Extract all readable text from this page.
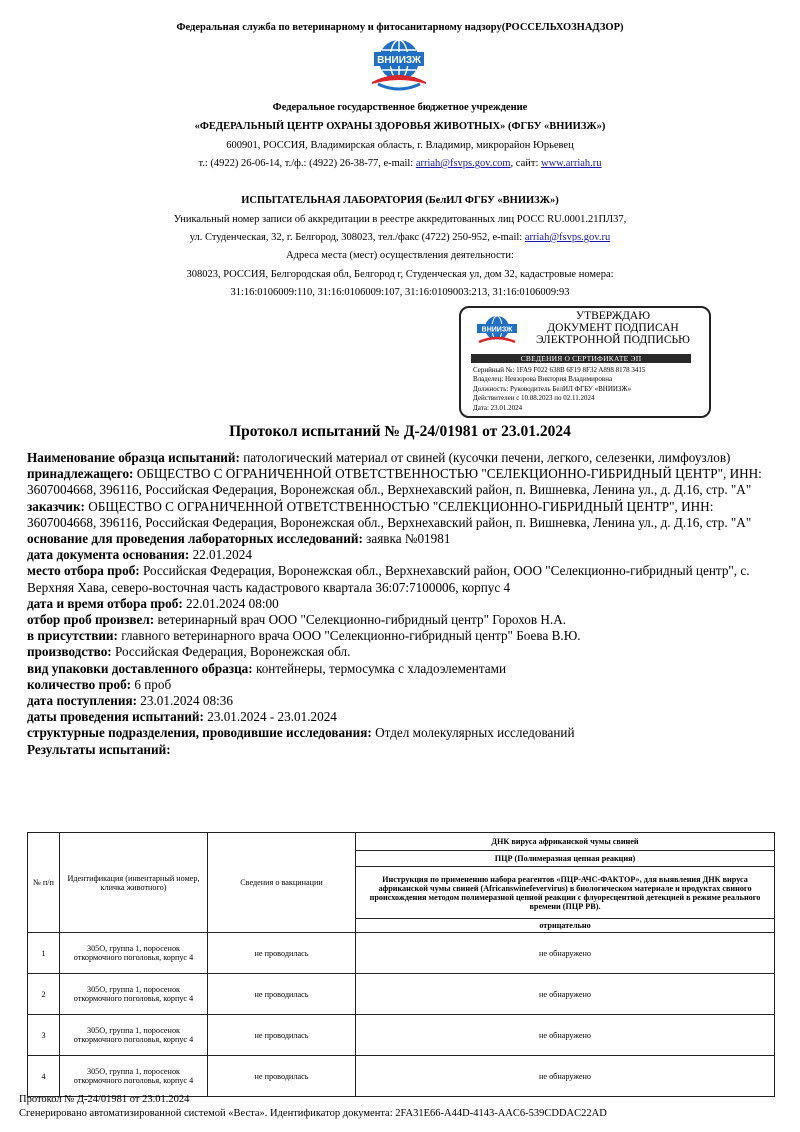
Федеральная служба по ветеринарному и фитосанитарному надзору(РОССЕЛЬХОЗНАДЗОР)
ВНИИЗЖ
Федеральное государственное бюджетное учреждение
«ФЕДЕРАЛЬНЫЙ ЦЕНТР ОХРАНЫ ЗДОРОВЬЯ ЖИВОТНЫХ» (ФГБУ «ВНИИЗЖ»)
600901, РОССИЯ, Владимирская область, г. Владимир, микрорайон Юрьевец
т.: (4922) 26-06-14, т./ф.: (4922) 26-38-77, e-mail: arriah@fsvps.gov.com, сайт: www.arriah.ru
ИСПЫТАТЕЛЬНАЯ ЛАБОРАТОРИЯ (БелИЛ ФГБУ «ВНИИЗЖ»)
Уникальный номер записи об аккредитации в реестре аккредитованных лиц РОСС RU.0001.21ПЛ37,
ул. Студенческая, 32, г. Белгород, 308023, тел./факс (4722) 250-952, e-mail: arriah@fsvps.gov.ru
Адреса места (мест) осуществления деятельности:
308023, РОССИЯ, Белгородская обл, Белгород г, Студенческая ул, дом 32, кадастровые номера:
31:16:0106009:110, 31:16:0106009:107, 31:16:0109003:213, 31:16:0106009:93
ВНИИЗЖ
УТВЕРЖДАЮ
ДОКУМЕНТ ПОДПИСАН
ЭЛЕКТРОННОЙ ПОДПИСЬЮ
СВЕДЕНИЯ О СЕРТИФИКАТЕ ЭП
Серийный №: 1FA9 F022 638B 6F19 8F32 A898 8178 3415
Владелец: Невзорова Виктория Владимировна
Должность: Руководитель БелИЛ ФГБУ «ВНИИЗЖ»
Действителен с 10.08.2023 по 02.11.2024
Дата: 23.01.2024
Протокол испытаний № Д-24/01981 от 23.01.2024

Наименование образца испытаний: патологический материал от свиней (кусочки печени, легкого, селезенки, лимфоузлов)

принадлежащего: ОБЩЕСТВО С ОГРАНИЧЕННОЙ ОТВЕТСТВЕННОСТЬЮ "СЕЛЕКЦИОННО-ГИБРИДНЫЙ ЦЕНТР", ИНН: 3607004668, 396116, Российская Федерация, Воронежская обл., Верхнехавский район, п. Вишневка, Ленина ул., д. Д.16, стр. "А"

заказчик: ОБЩЕСТВО С ОГРАНИЧЕННОЙ ОТВЕТСТВЕННОСТЬЮ "СЕЛЕКЦИОННО-ГИБРИДНЫЙ ЦЕНТР", ИНН: 3607004668, 396116, Российская Федерация, Воронежская обл., Верхнехавский район, п. Вишневка, Ленина ул., д. Д.16, стр. "А"

основание для проведения лабораторных исследований: заявка №01981

дата документа основания: 22.01.2024

место отбора проб: Российская Федерация, Воронежская обл., Верхнехавский район, ООО "Селекционно-гибридный центр", с. Верхняя Хава, северо-восточная часть кадастрового квартала 36:07:7100006, корпус 4

дата и время отбора проб: 22.01.2024 08:00

отбор проб произвел: ветеринарный врач ООО "Селекционно-гибридный центр" Горохов Н.А.

в присутствии: главного ветеринарного врача ООО "Селекционно-гибридный центр" Боева В.Ю.

производство: Российская Федерация, Воронежская обл.

вид упаковки доставленного образца: контейнеры, термосумка с хладоэлементами

количество проб: 6 проб

дата поступления: 23.01.2024 08:36

даты проведения испытаний: 23.01.2024 - 23.01.2024

структурные подразделения, проводившие исследования: Отдел молекулярных исследований

Результаты испытаний:

№ п/п	Идентификация (инвентарный номер, кличка животного)	Сведения о вакцинации	ДНК вируса африканской чумы свиней
			ПЦР (Полимеразная цепная реакция)
			Инструкция по применению набора реагентов «ПЦР-АЧС-ФАКТОР», для выявления ДНК вируса африканской чумы свиней (Africanswinefevervirus) в биологическом материале и продуктах свиного происхождения методом полимеразной цепной реакции с флуоресцентной детекцией в режиме реального времени (ПЦР РВ).
			отрицательно
1	305О, группа 1, поросенок откормочного поголовья, корпус 4	не проводилась	не обнаружено
2	305О, группа 1, поросенок откормочного поголовья, корпус 4	не проводилась	не обнаружено
3	305О, группа 1, поросенок откормочного поголовья, корпус 4	не проводилась	не обнаружено
4	305О, группа 1, поросенок откормочного поголовья, корпус 4	не проводилась	не обнаружено
Протокол № Д-24/01981 от 23.01.2024
Сгенерировано автоматизированной системой «Веста». Идентификатор документа: 2FA31E66-A44D-4143-AAC6-539CDDAC22AD
